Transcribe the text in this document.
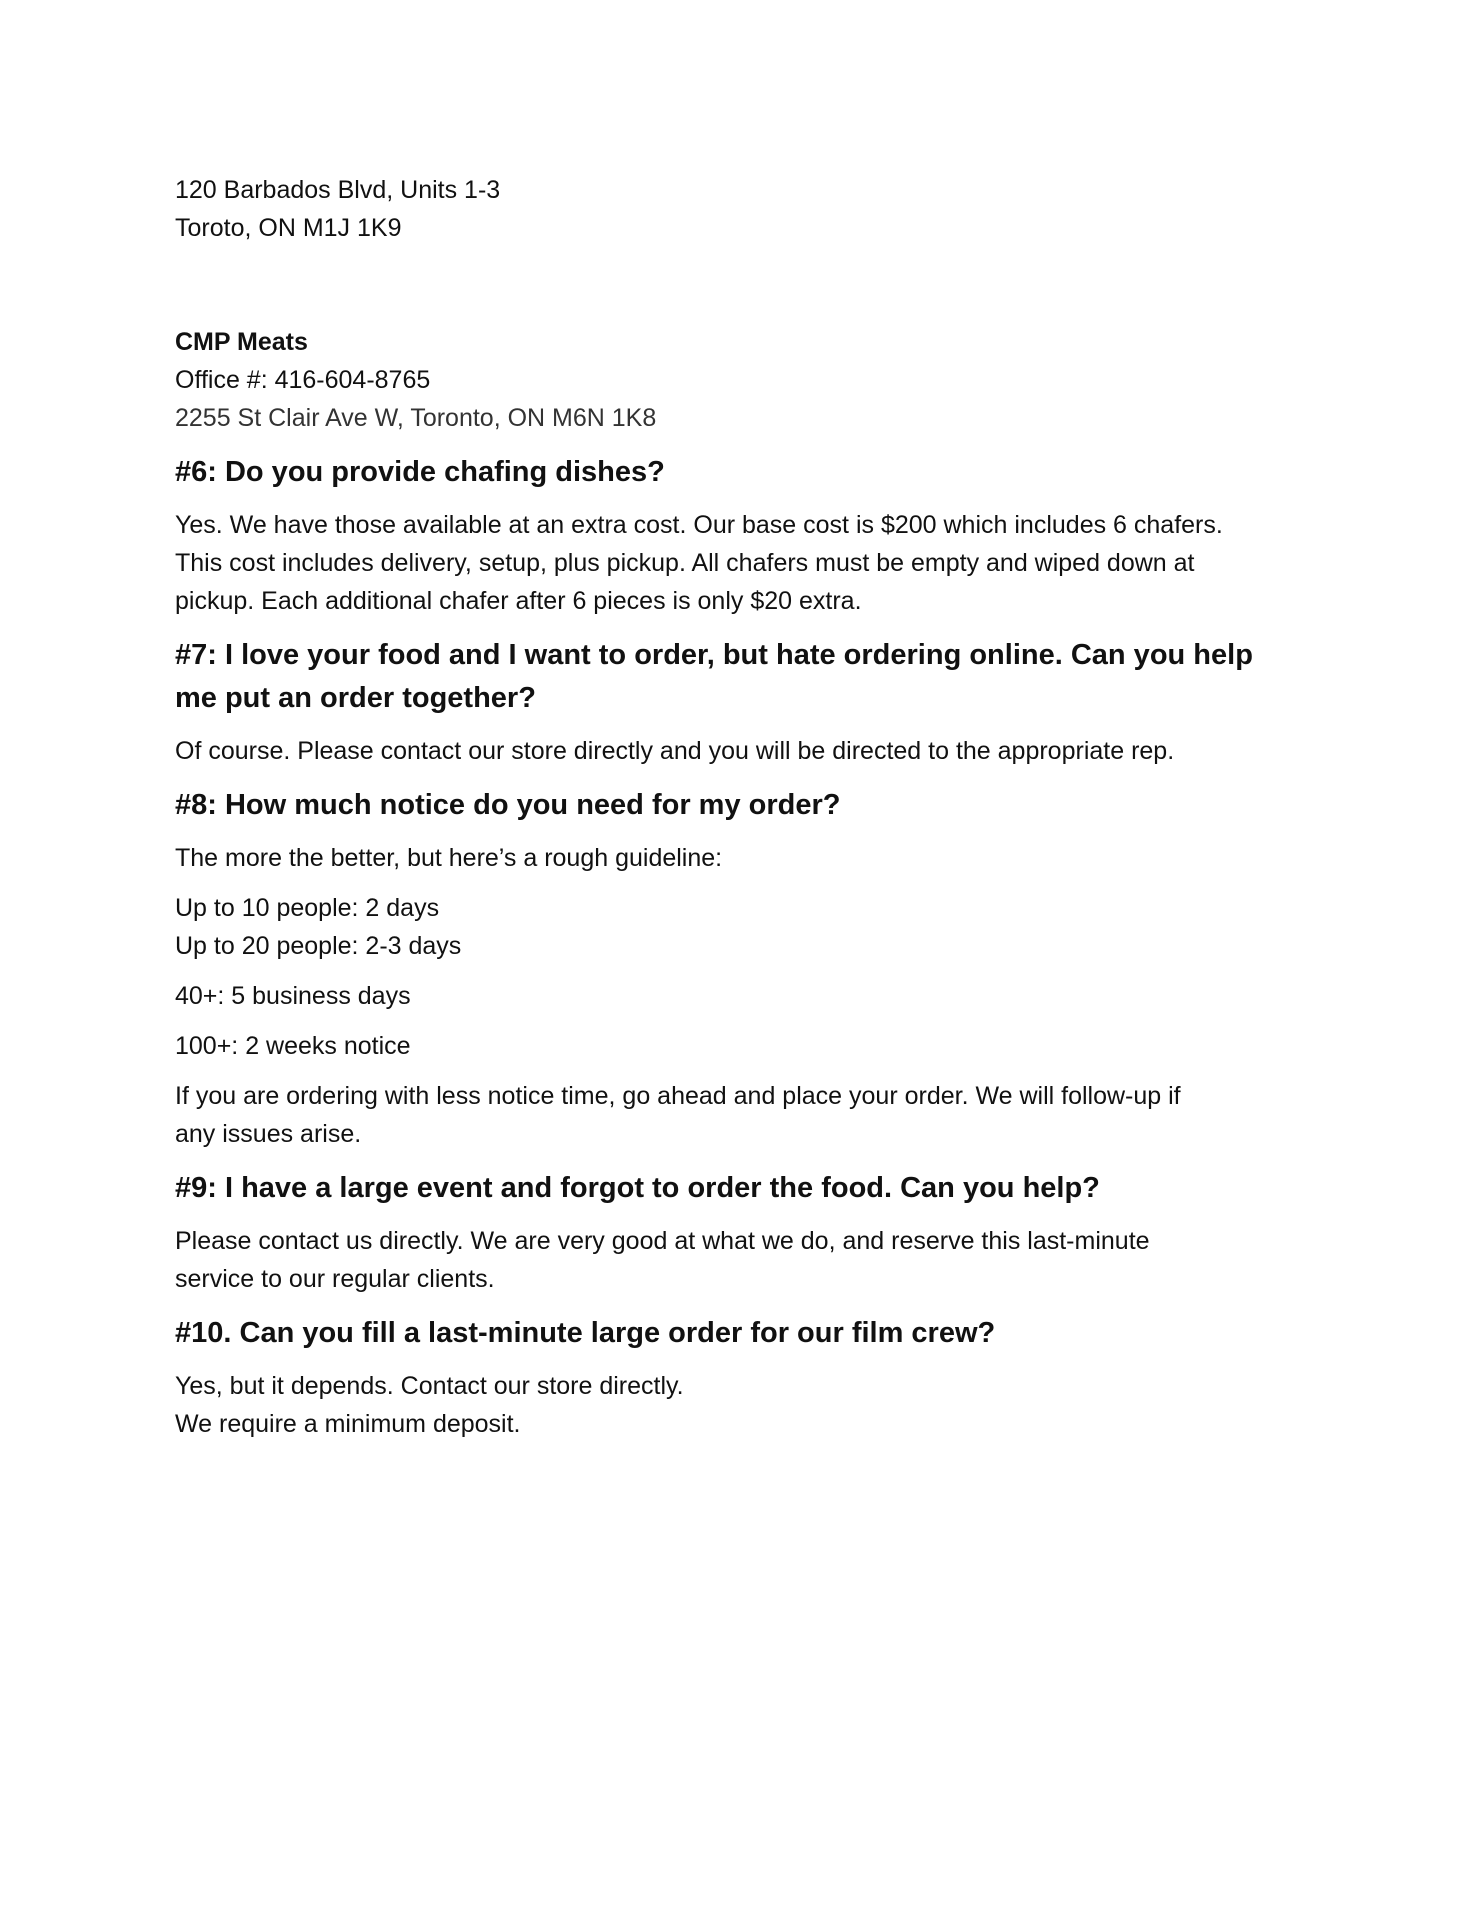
120 Barbados Blvd, Units 1-3

Toroto, ON M1J 1K9

CMP Meats

Office #: 416-604-8765

2255 St Clair Ave W, Toronto, ON M6N 1K8

#6: Do you provide chafing dishes?

Yes. We have those available at an extra cost. Our base cost is $200 which includes 6 chafers.
This cost includes delivery, setup, plus pickup. All chafers must be empty and wiped down at
pickup. Each additional chafer after 6 pieces is only $20 extra.

#7: I love your food and I want to order, but hate ordering online. Can you help
me put an order together?

Of course. Please contact our store directly and you will be directed to the appropriate rep.

#8: How much notice do you need for my order?

The more the better, but here’s a rough guideline:

Up to 10 people: 2 days
Up to 20 people: 2-3 days

40+: 5 business days

100+: 2 weeks notice

If you are ordering with less notice time, go ahead and place your order. We will follow-up if
any issues arise.

#9: I have a large event and forgot to order the food. Can you help?

Please contact us directly. We are very good at what we do, and reserve this last-minute
service to our regular clients.

#10. Can you fill a last-minute large order for our film crew?

Yes, but it depends. Contact our store directly.
We require a minimum deposit.
